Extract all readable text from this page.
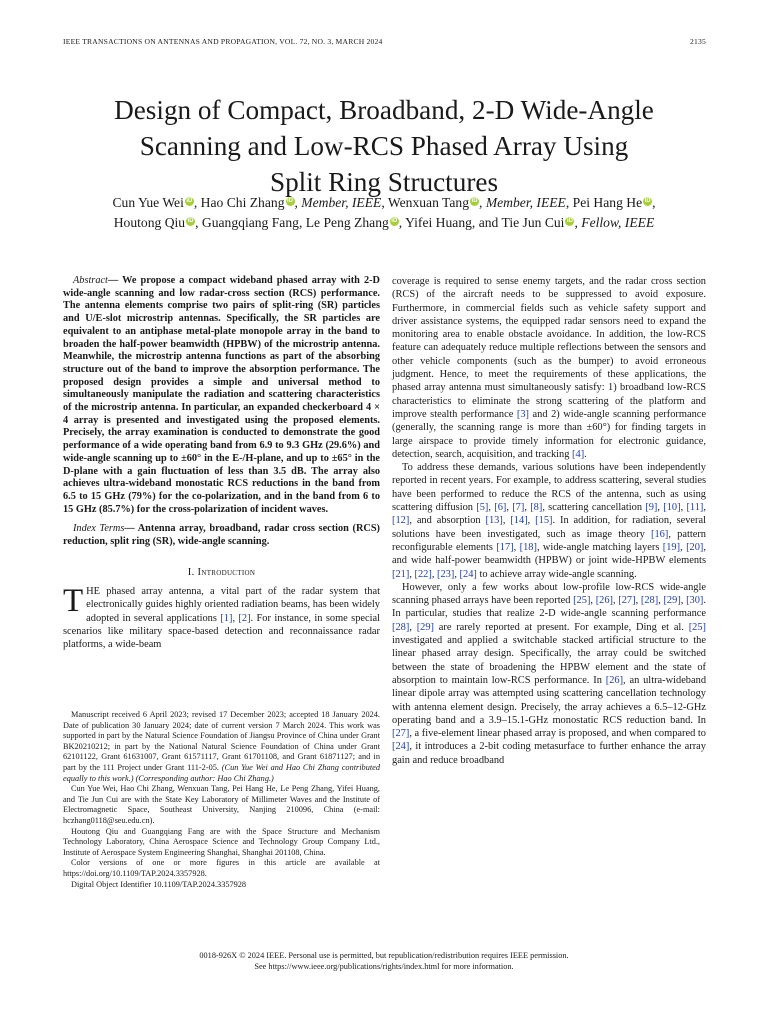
IEEE TRANSACTIONS ON ANTENNAS AND PROPAGATION, VOL. 72, NO. 3, MARCH 2024	2135
Design of Compact, Broadband, 2-D Wide-Angle
Scanning and Low-RCS Phased Array Using
Split Ring Structures
Cun Yue Wei iD , Hao Chi Zhang iD , Member, IEEE, Wenxuan Tang iD , Member, IEEE, Pei Hang He iD ,
Houtong Qiu iD , Guangqiang Fang, Le Peng Zhang iD , Yifei Huang, and Tie Jun Cui iD , Fellow, IEEE

Abstract— We propose a compact wideband phased array with 2-D wide-angle scanning and low radar-cross section (RCS) performance. The antenna elements comprise two pairs of split-ring (SR) particles and U/E-slot microstrip antennas. Specifically, the SR particles are equivalent to an antiphase metal-plate monopole array in the band to broaden the half-power beamwidth (HPBW) of the microstrip antenna. Meanwhile, the microstrip antenna functions as part of the absorbing structure out of the band to improve the absorption performance. The proposed design provides a simple and universal method to simultaneously manipulate the radiation and scattering characteristics of the microstrip antenna. In particular, an expanded checkerboard 4 × 4 array is presented and investigated using the proposed elements. Precisely, the array examination is conducted to demonstrate the good performance of a wide operating band from 6.9 to 9.3 GHz (29.6%) and wide-angle scanning up to ±60° in the E-/H-plane, and up to ±65° in the D-plane with a gain fluctuation of less than 3.5 dB. The array also achieves ultra-wideband monostatic RCS reductions in the band from 6.5 to 15 GHz (79%) for the co-polarization, and in the band from 6 to 15 GHz (85.7%) for the cross-polarization of incident waves.

Index Terms— Antenna array, broadband, radar cross section (RCS) reduction, split ring (SR), wide-angle scanning.

I. Introduction

THE phased array antenna, a vital part of the radar system that electronically guides highly oriented radiation beams, has been widely adopted in several applications [1], [2]. For instance, in some special scenarios like military space-based detection and reconnaissance radar platforms, a wide-beam

Manuscript received 6 April 2023; revised 17 December 2023; accepted 18 January 2024. Date of publication 30 January 2024; date of current version 7 March 2024. This work was supported in part by the Natural Science Foundation of Jiangsu Province of China under Grant BK20210212; in part by the National Natural Science Foundation of China under Grant 62101122, Grant 61631007, Grant 61571117, Grant 61701108, and Grant 61871127; and in part by the 111 Project under Grant 111-2-05. (Cun Yue Wei and Hao Chi Zhang contributed equally to this work.) (Corresponding author: Hao Chi Zhang.)

Cun Yue Wei, Hao Chi Zhang, Wenxuan Tang, Pei Hang He, Le Peng Zhang, Yifei Huang, and Tie Jun Cui are with the State Key Laboratory of Millimeter Waves and the Institute of Electromagnetic Space, Southeast University, Nanjing 210096, China (e-mail: hczhang0118@seu.edu.cn).

Houtong Qiu and Guangqiang Fang are with the Space Structure and Mechanism Technology Laboratory, China Aerospace Science and Technology Group Company Ltd., Institute of Aerospace System Engineering Shanghai, Shanghai 201108, China.

Color versions of one or more figures in this article are available at https://doi.org/10.1109/TAP.2024.3357928.

Digital Object Identifier 10.1109/TAP.2024.3357928

coverage is required to sense enemy targets, and the radar cross section (RCS) of the aircraft needs to be suppressed to avoid exposure. Furthermore, in commercial fields such as vehicle safety support and driver assistance systems, the equipped radar sensors need to expand the monitoring area to enable obstacle avoidance. In addition, the low-RCS feature can adequately reduce multiple reflections between the sensors and other vehicle components (such as the bumper) to avoid erroneous judgment. Hence, to meet the requirements of these applications, the phased array antenna must simultaneously satisfy: 1) broadband low-RCS characteristics to eliminate the strong scattering of the platform and improve stealth performance [3] and 2) wide-angle scanning performance (generally, the scanning range is more than ±60°) for finding targets in large airspace to provide timely information for electronic guidance, detection, search, acquisition, and tracking [4].

To address these demands, various solutions have been independently reported in recent years. For example, to address scattering, several studies have been performed to reduce the RCS of the antenna, such as using scattering diffusion [5], [6], [7], [8], scattering cancellation [9], [10], [11], [12], and absorption [13], [14], [15]. In addition, for radiation, several solutions have been investigated, such as image theory [16], pattern reconfigurable elements [17], [18], wide-angle matching layers [19], [20], and wide half-power beamwidth (HPBW) or joint wide-HPBW elements [21], [22], [23], [24] to achieve array wide-angle scanning.

However, only a few works about low-profile low-RCS wide-angle scanning phased arrays have been reported [25], [26], [27], [28], [29], [30]. In particular, studies that realize 2-D wide-angle scanning performance [28], [29] are rarely reported at present. For example, Ding et al. [25] investigated and applied a switchable stacked artificial structure to the linear phased array design. Specifically, the array could be switched between the state of broadening the HPBW element and the state of absorption to maintain low-RCS performance. In [26], an ultra-wideband linear dipole array was attempted using scattering cancellation technology with antenna element design. Precisely, the array achieves a 6.5–12-GHz operating band and a 3.9–15.1-GHz monostatic RCS reduction band. In [27], a five-element linear phased array is proposed, and when compared to [24], it introduces a 2-bit coding metasurface to further enhance the array gain and reduce broadband

0018-926X © 2024 IEEE. Personal use is permitted, but republication/redistribution requires IEEE permission.
See https://www.ieee.org/publications/rights/index.html for more information.
